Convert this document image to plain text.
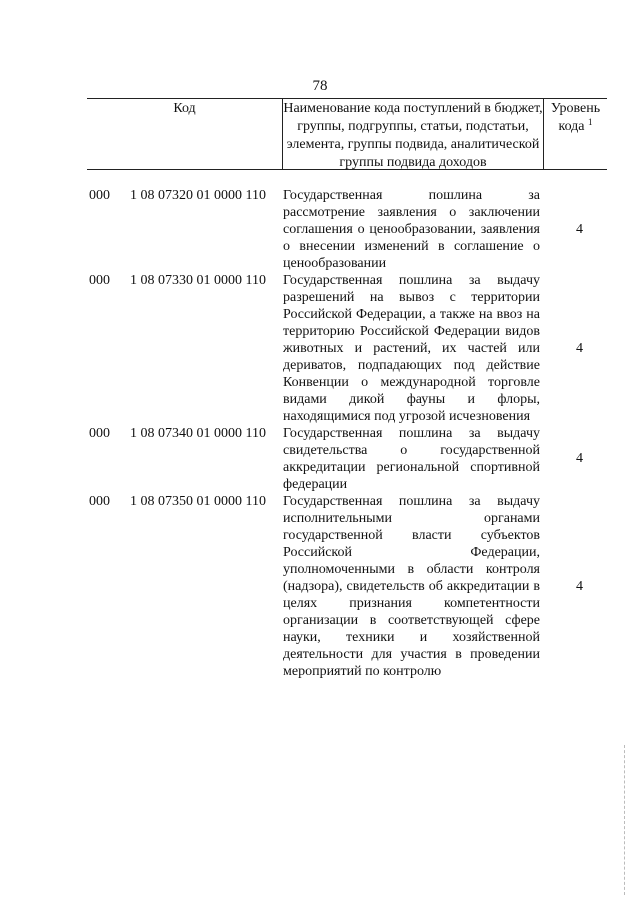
78
Код	Наименование кода поступлений в бюджет, группы, подгруппы, статьи, подстатьи, элемента, группы подвида, аналитической группы подвида доходов
Уровень
кода $^1$
000 1 08 07320 01 0000 110 Государственная пошлина за рассмотрение заявления о заключении соглашения о ценообразовании, заявления о внесении изменений в соглашение о ценообразовании
4
000 1 08 07330 01 0000 110 Государственная пошлина за выдачу разрешений на вывоз с территории Российской Федерации, а также на ввоз на территорию Российской Федерации видов животных и растений, их частей или дериватов, подпадающих под действие Конвенции о международной торговле видами дикой фауны и флоры, находящимися под угрозой исчезновения
4
000 1 08 07340 01 0000 110 Государственная пошлина за выдачу свидетельства о государственной аккредитации региональной спортивной федерации
4
000 1 08 07350 01 0000 110 Государственная пошлина за выдачу исполнительными органами государственной власти субъектов Российской Федерации, уполномоченными в области контроля (надзора), свидетельств об аккредитации в целях признания компетентности организации в соответствующей сфере науки, техники и хозяйственной деятельности для участия в проведении мероприятий по контролю
4
